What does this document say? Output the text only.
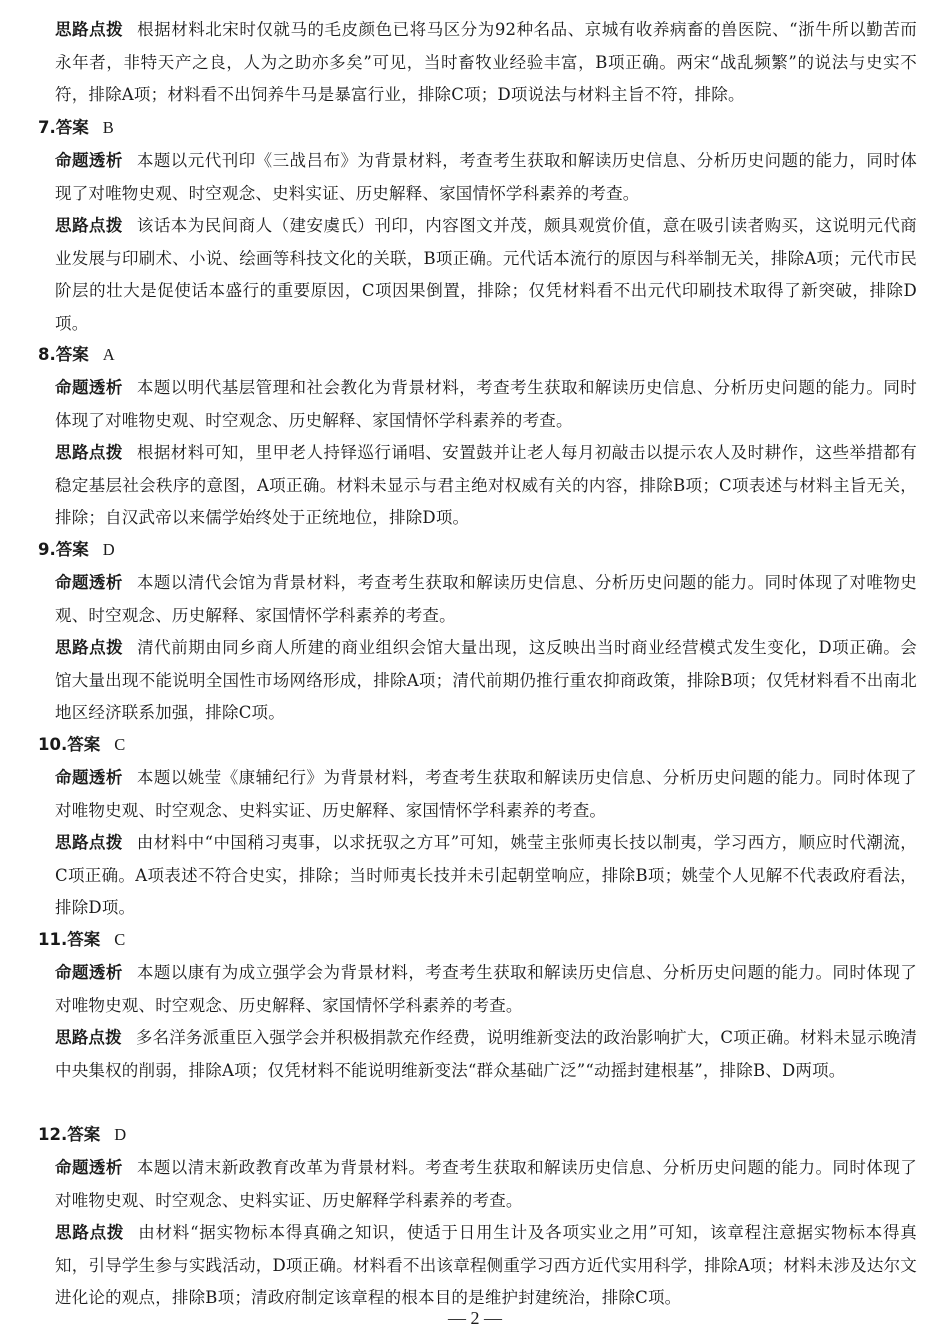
思路点拨 根据材料北宋时仅就马的毛皮颜色已将马区分为92种名品、京城有收养病畜的兽医院、“浙牛所以勤苦而永年者，非特天产之良，人为之助亦多矣”可见，当时畜牧业经验丰富，B项正确。两宋“战乱频繁”的说法与史实不符，排除A项；材料看不出饲养牛马是暴富行业，排除C项；D项说法与材料主旨不符，排除。
7.答案 B
命题透析 本题以元代刊印《三战吕布》为背景材料，考查考生获取和解读历史信息、分析历史问题的能力，同时体现了对唯物史观、时空观念、史料实证、历史解释、家国情怀学科素养的考查。
思路点拨 该话本为民间商人（建安虞氏）刊印，内容图文并茂，颇具观赏价值，意在吸引读者购买，这说明元代商业发展与印刷术、小说、绘画等科技文化的关联，B项正确。元代话本流行的原因与科举制无关，排除A项；元代市民阶层的壮大是促使话本盛行的重要原因，C项因果倒置，排除；仅凭材料看不出元代印刷技术取得了新突破，排除D项。
8.答案 A
命题透析 本题以明代基层管理和社会教化为背景材料，考查考生获取和解读历史信息、分析历史问题的能力。同时体现了对唯物史观、时空观念、历史解释、家国情怀学科素养的考查。
思路点拨 根据材料可知，里甲老人持铎巡行诵唱、安置鼓并让老人每月初敲击以提示农人及时耕作，这些举措都有稳定基层社会秩序的意图，A项正确。材料未显示与君主绝对权威有关的内容，排除B项；C项表述与材料主旨无关，排除；自汉武帝以来儒学始终处于正统地位，排除D项。
9.答案 D
命题透析 本题以清代会馆为背景材料，考查考生获取和解读历史信息、分析历史问题的能力。同时体现了对唯物史观、时空观念、历史解释、家国情怀学科素养的考查。
思路点拨 清代前期由同乡商人所建的商业组织会馆大量出现，这反映出当时商业经营模式发生变化，D项正确。会馆大量出现不能说明全国性市场网络形成，排除A项；清代前期仍推行重农抑商政策，排除B项；仅凭材料看不出南北地区经济联系加强，排除C项。
10.答案 C
命题透析 本题以姚莹《康辅纪行》为背景材料，考查考生获取和解读历史信息、分析历史问题的能力。同时体现了对唯物史观、时空观念、史料实证、历史解释、家国情怀学科素养的考查。
思路点拨 由材料中“中国稍习夷事，以求抚驭之方耳”可知，姚莹主张师夷长技以制夷，学习西方，顺应时代潮流，C项正确。A项表述不符合史实，排除；当时师夷长技并未引起朝堂响应，排除B项；姚莹个人见解不代表政府看法，排除D项。
11.答案 C
命题透析 本题以康有为成立强学会为背景材料，考查考生获取和解读历史信息、分析历史问题的能力。同时体现了对唯物史观、时空观念、历史解释、家国情怀学科素养的考查。
思路点拨 多名洋务派重臣入强学会并积极捐款充作经费，说明维新变法的政治影响扩大，C项正确。材料未显示晚清中央集权的削弱，排除A项；仅凭材料不能说明维新变法“群众基础广泛”“动摇封建根基”，排除B、D两项。
12.答案 D
命题透析 本题以清末新政教育改革为背景材料。考查考生获取和解读历史信息、分析历史问题的能力。同时体现了对唯物史观、时空观念、史料实证、历史解释学科素养的考查。
思路点拨 由材料“据实物标本得真确之知识，使适于日用生计及各项实业之用”可知，该章程注意据实物标本得真知，引导学生参与实践活动，D项正确。材料看不出该章程侧重学习西方近代实用科学，排除A项；材料未涉及达尔文进化论的观点，排除B项；清政府制定该章程的根本目的是维护封建统治，排除C项。
— 2 —
